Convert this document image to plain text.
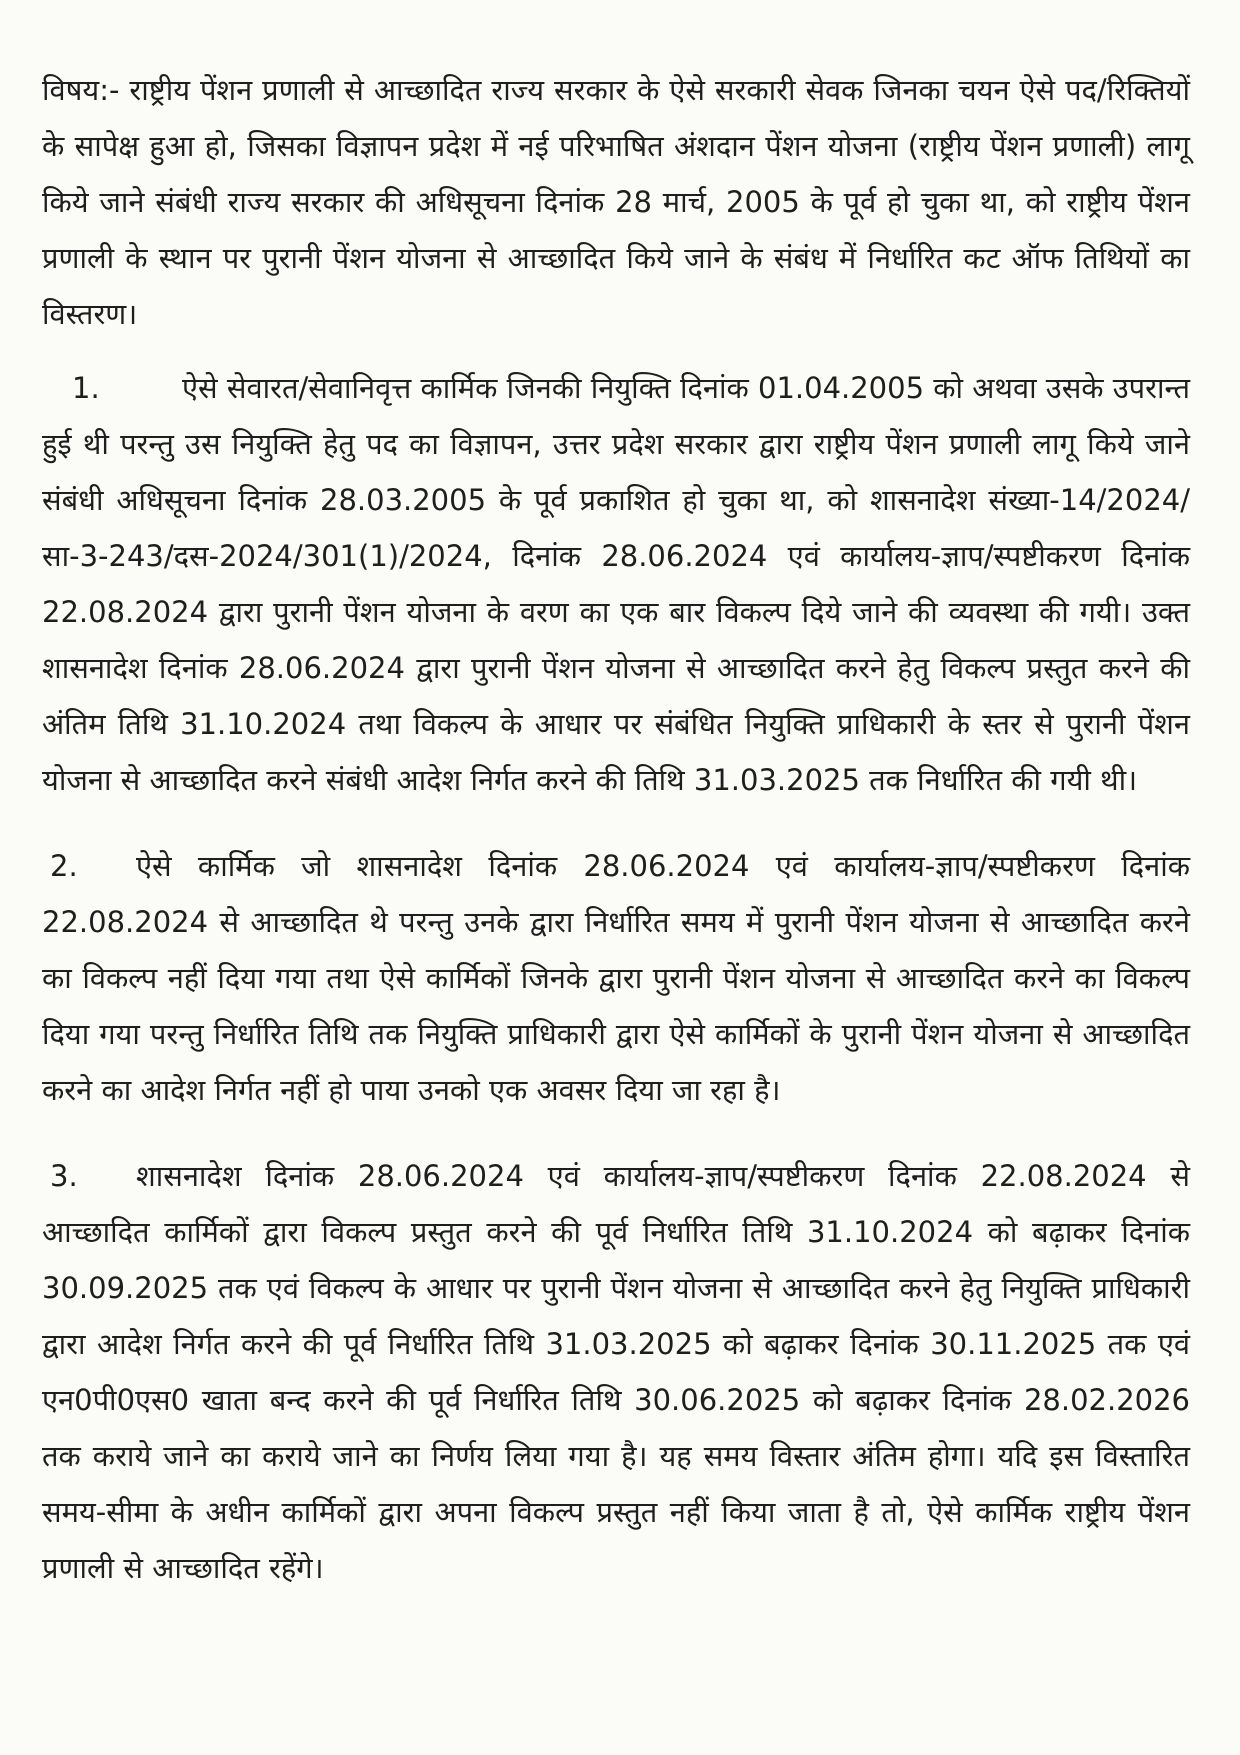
विषय:- राष्ट्रीय पेंशन प्रणाली से आच्छादित राज्य सरकार के ऐसे सरकारी सेवक जिनका चयन ऐसे पद/रिक्तियों के सापेक्ष हुआ हो, जिसका विज्ञापन प्रदेश में नई परिभाषित अंशदान पेंशन योजना (राष्ट्रीय पेंशन प्रणाली) लागू किये जाने संबंधी राज्य सरकार की अधिसूचना दिनांक 28 मार्च, 2005 के पूर्व हो चुका था, को राष्ट्रीय पेंशन प्रणाली के स्थान पर पुरानी पेंशन योजना से आच्छादित किये जाने के संबंध में निर्धारित कट ऑफ तिथियों का विस्तरण।

1.	ऐसे सेवारत/सेवानिवृत्त कार्मिक जिनकी नियुक्ति दिनांक 01.04.2005 को अथवा उसके उपरान्त हुई थी परन्तु उस नियुक्ति हेतु पद का विज्ञापन, उत्तर प्रदेश सरकार द्वारा राष्ट्रीय पेंशन प्रणाली लागू किये जाने संबंधी अधिसूचना दिनांक 28.03.2005 के पूर्व प्रकाशित हो चुका था, को शासनादेश संख्या-14/2024/सा-3-243/दस-2024/301(1)/2024, दिनांक 28.06.2024 एवं कार्यालय-ज्ञाप/स्पष्टीकरण दिनांक 22.08.2024 द्वारा पुरानी पेंशन योजना के वरण का एक बार विकल्प दिये जाने की व्यवस्था की गयी। उक्त शासनादेश दिनांक 28.06.2024 द्वारा पुरानी पेंशन योजना से आच्छादित करने हेतु विकल्प प्रस्तुत करने की अंतिम तिथि 31.10.2024 तथा विकल्प के आधार पर संबंधित नियुक्ति प्राधिकारी के स्तर से पुरानी पेंशन योजना से आच्छादित करने संबंधी आदेश निर्गत करने की तिथि 31.03.2025 तक निर्धारित की गयी थी।

2. ऐसे कार्मिक जो शासनादेश दिनांक 28.06.2024 एवं कार्यालय-ज्ञाप/स्पष्टीकरण दिनांक 22.08.2024 से आच्छादित थे परन्तु उनके द्वारा निर्धारित समय में पुरानी पेंशन योजना से आच्छादित करने का विकल्प नहीं दिया गया तथा ऐसे कार्मिकों जिनके द्वारा पुरानी पेंशन योजना से आच्छादित करने का विकल्प दिया गया परन्तु निर्धारित तिथि तक नियुक्ति प्राधिकारी द्वारा ऐसे कार्मिकों के पुरानी पेंशन योजना से आच्छादित करने का आदेश निर्गत नहीं हो पाया उनको एक अवसर दिया जा रहा है।

3. शासनादेश दिनांक 28.06.2024 एवं कार्यालय-ज्ञाप/स्पष्टीकरण दिनांक 22.08.2024 से आच्छादित कार्मिकों द्वारा विकल्प प्रस्तुत करने की पूर्व निर्धारित तिथि 31.10.2024 को बढ़ाकर दिनांक 30.09.2025 तक एवं विकल्प के आधार पर पुरानी पेंशन योजना से आच्छादित करने हेतु नियुक्ति प्राधिकारी द्वारा आदेश निर्गत करने की पूर्व निर्धारित तिथि 31.03.2025 को बढ़ाकर दिनांक 30.11.2025 तक एवं एन0पी0एस0 खाता बन्द करने की पूर्व निर्धारित तिथि 30.06.2025 को बढ़ाकर दिनांक 28.02.2026 तक कराये जाने का कराये जाने का निर्णय लिया गया है। यह समय विस्तार अंतिम होगा। यदि इस विस्तारित समय-सीमा के अधीन कार्मिकों द्वारा अपना विकल्प प्रस्तुत नहीं किया जाता है तो, ऐसे कार्मिक राष्ट्रीय पेंशन प्रणाली से आच्छादित रहेंगे।
